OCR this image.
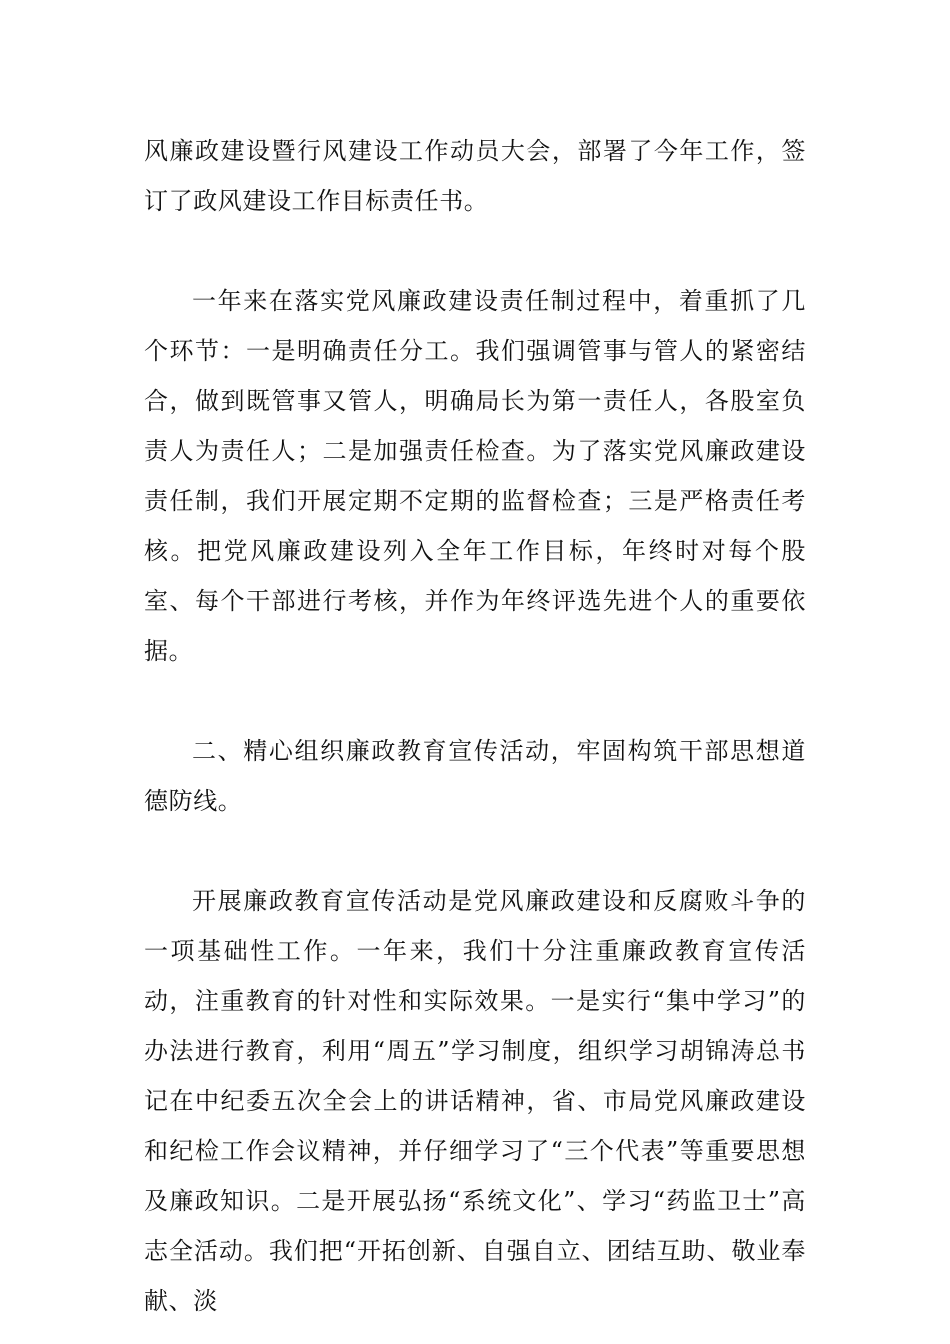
风廉政建设暨行风建设工作动员大会，部署了今年工作，签订了政风建设工作目标责任书。

一年来在落实党风廉政建设责任制过程中，着重抓了几个环节：一是明确责任分工。我们强调管事与管人的紧密结合，做到既管事又管人，明确局长为第一责任人，各股室负责人为责任人；二是加强责任检查。为了落实党风廉政建设责任制，我们开展定期不定期的监督检查；三是严格责任考核。把党风廉政建设列入全年工作目标，年终时对每个股室、每个干部进行考核，并作为年终评选先进个人的重要依据。

二、精心组织廉政教育宣传活动，牢固构筑干部思想道德防线。

开展廉政教育宣传活动是党风廉政建设和反腐败斗争的一项基础性工作。一年来，我们十分注重廉政教育宣传活动，注重教育的针对性和实际效果。一是实行“集中学习”的办法进行教育，利用“周五”学习制度，组织学习胡锦涛总书记在中纪委五次全会上的讲话精神，省、市局党风廉政建设和纪检工作会议精神，并仔细学习了“三个代表”等重要思想及廉政知识。二是开展弘扬“系统文化”、学习“药监卫士”高志全活动。我们把“开拓创新、自强自立、团结互助、敬业奉献、淡
